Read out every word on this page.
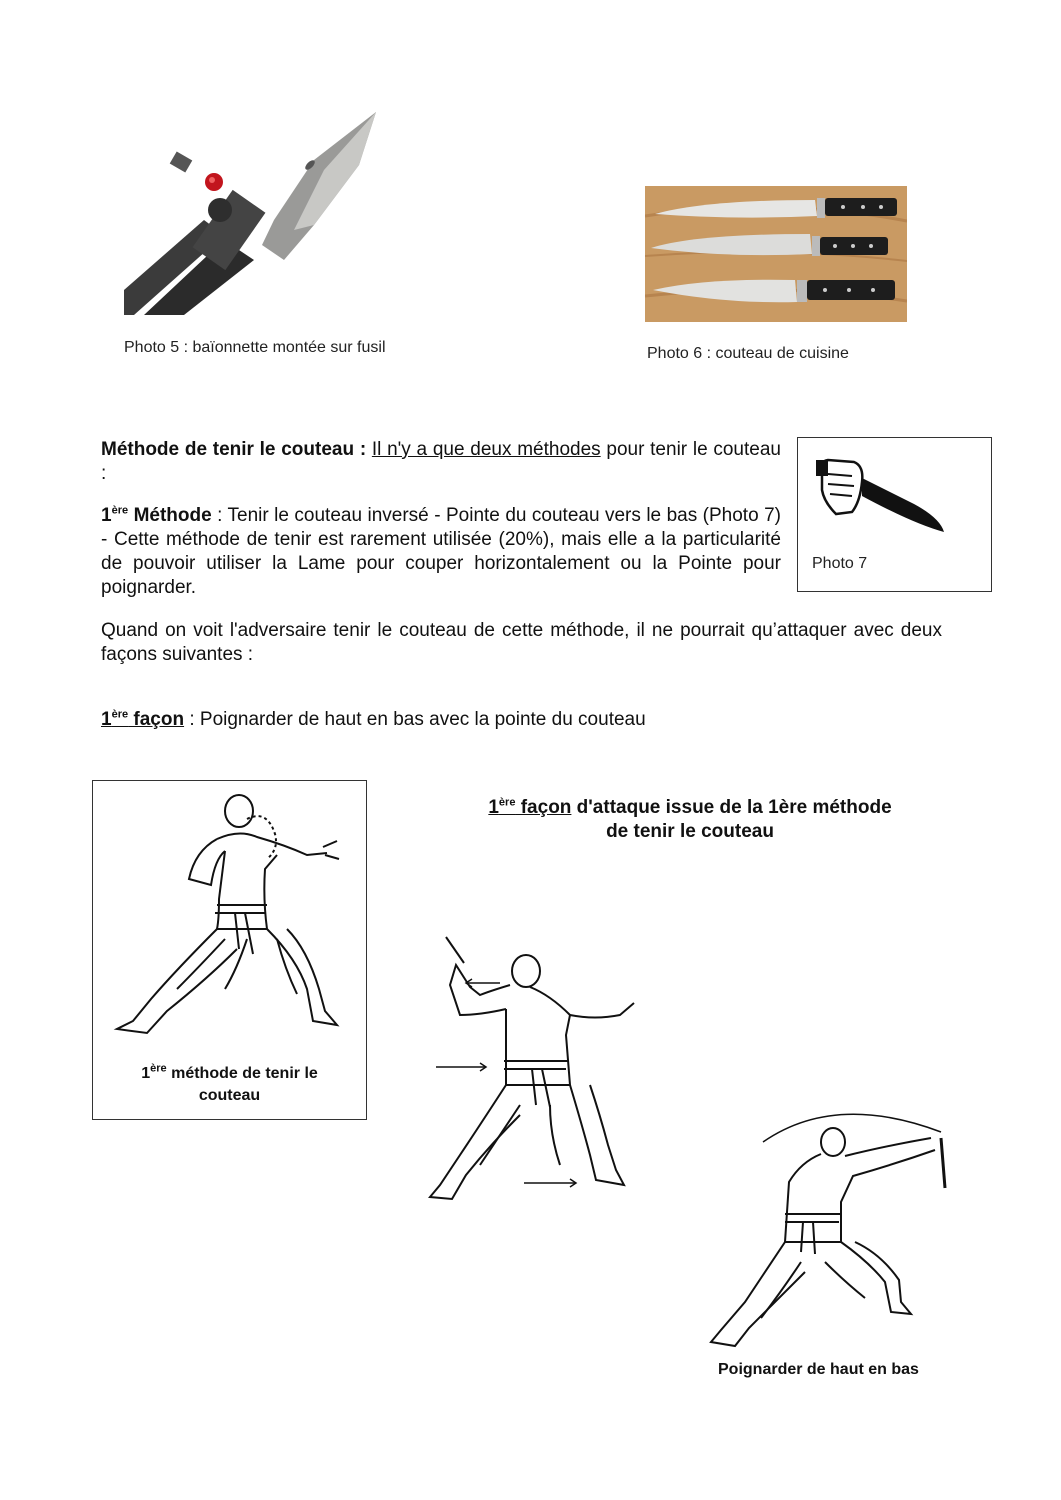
Photo 5 : baïonnette montée sur fusil	Photo 6 : couteau de cuisine
Photo 7
Méthode de tenir le couteau : Il n'y a que deux méthodes pour tenir le couteau :
1ère Méthode : Tenir le couteau inversé - Pointe du couteau vers le bas (Photo 7) - Cette méthode de tenir est rarement utilisée (20%), mais elle a la particularité de pouvoir utiliser la Lame pour couper horizontalement ou la Pointe pour poignarder.
Quand on voit l'adversaire tenir le couteau de cette méthode, il ne pourrait qu’attaquer avec deux façons suivantes :
1ère façon : Poignarder de haut en bas avec la pointe du couteau
1ère méthode de tenir le
couteau
1ère façon d'attaque issue de la 1ère méthode
de tenir le couteau
Poignarder de haut en bas
